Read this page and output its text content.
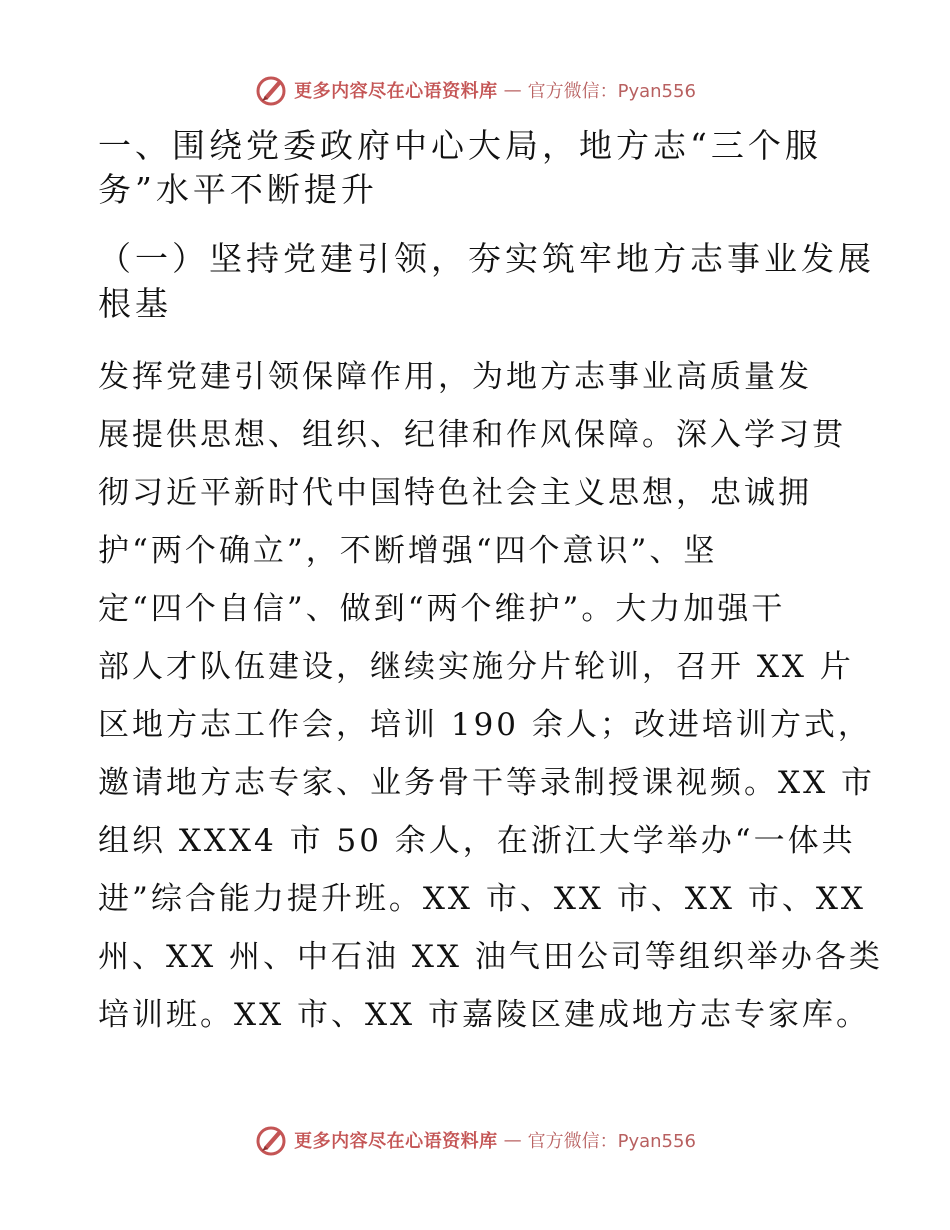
更多内容尽在心语资料库 — 官方微信：Pyan556
一、围绕党委政府中心大局，地方志“三个服
务”水平不断提升
（一）坚持党建引领，夯实筑牢地方志事业发展
根基
发挥党建引领保障作用，为地方志事业高质量发
展提供思想、组织、纪律和作风保障。深入学习贯
彻习近平新时代中国特色社会主义思想，忠诚拥
护“两个确立”，不断增强“四个意识”、坚
定“四个自信”、做到“两个维护”。大力加强干
部人才队伍建设，继续实施分片轮训，召开 XX 片
区地方志工作会，培训 190 余人；改进培训方式，
邀请地方志专家、业务骨干等录制授课视频。XX 市
组织 XXX4 市 50 余人，在浙江大学举办“一体共
进”综合能力提升班。XX 市、XX 市、XX 市、XX
州、XX 州、中石油 XX 油气田公司等组织举办各类
培训班。XX 市、XX 市嘉陵区建成地方志专家库。
更多内容尽在心语资料库 — 官方微信：Pyan556
